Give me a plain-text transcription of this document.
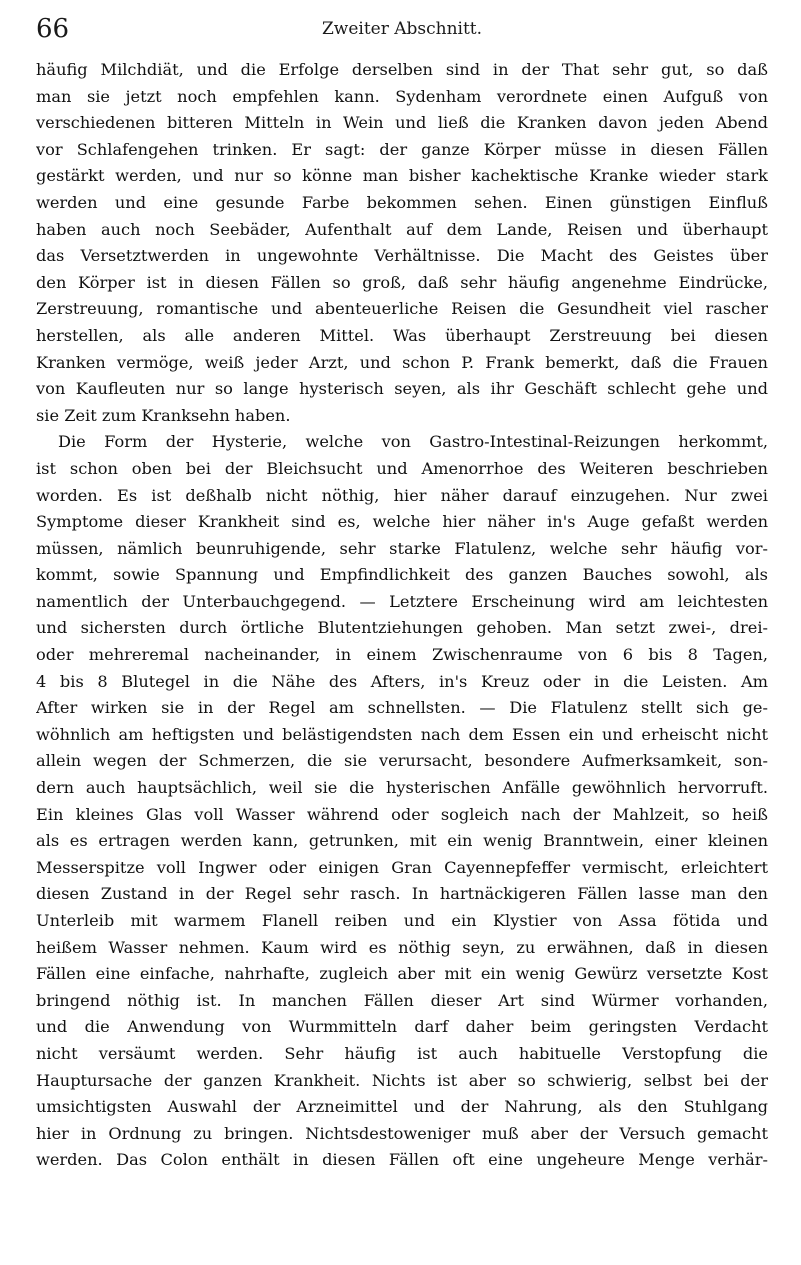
66	Zweiter Abschnitt.
häufig Milchdiät, und die Erfolge derselben sind in der That sehr gut, so daß
man sie jetzt noch empfehlen kann. Sydenham verordnete einen Aufguß von
verschiedenen bitteren Mitteln in Wein und ließ die Kranken davon jeden Abend
vor Schlafengehen trinken. Er sagt: der ganze Körper müsse in diesen Fällen
gestärkt werden, und nur so könne man bisher kachektische Kranke wieder stark
werden und eine gesunde Farbe bekommen sehen. Einen günstigen Einfluß
haben auch noch Seebäder, Aufenthalt auf dem Lande, Reisen und überhaupt
das Versetztwerden in ungewohnte Verhältnisse. Die Macht des Geistes über
den Körper ist in diesen Fällen so groß, daß sehr häufig angenehme Eindrücke,
Zerstreuung, romantische und abenteuerliche Reisen die Gesundheit viel rascher
herstellen, als alle anderen Mittel. Was überhaupt Zerstreuung bei diesen
Kranken vermöge, weiß jeder Arzt, und schon P. Frank bemerkt, daß die Frauen
von Kaufleuten nur so lange hysterisch seyen, als ihr Geschäft schlecht gehe und
sie Zeit zum Kranksehn haben.
Die Form der Hysterie, welche von Gastro-Intestinal-Reizungen herkommt,
ist schon oben bei der Bleichsucht und Amenorrhoe des Weiteren beschrieben
worden. Es ist deßhalb nicht nöthig, hier näher darauf einzugehen. Nur zwei
Symptome dieser Krankheit sind es, welche hier näher in's Auge gefaßt werden
müssen, nämlich beunruhigende, sehr starke Flatulenz, welche sehr häufig vor-
kommt, sowie Spannung und Empfindlichkeit des ganzen Bauches sowohl, als
namentlich der Unterbauchgegend. — Letztere Erscheinung wird am leichtesten
und sichersten durch örtliche Blutentziehungen gehoben. Man setzt zwei-, drei-
oder mehreremal nacheinander, in einem Zwischenraume von 6 bis 8 Tagen,
4 bis 8 Blutegel in die Nähe des Afters, in's Kreuz oder in die Leisten. Am
After wirken sie in der Regel am schnellsten. — Die Flatulenz stellt sich ge-
wöhnlich am heftigsten und belästigendsten nach dem Essen ein und erheischt nicht
allein wegen der Schmerzen, die sie verursacht, besondere Aufmerksamkeit, son-
dern auch hauptsächlich, weil sie die hysterischen Anfälle gewöhnlich hervorruft.
Ein kleines Glas voll Wasser während oder sogleich nach der Mahlzeit, so heiß
als es ertragen werden kann, getrunken, mit ein wenig Branntwein, einer kleinen
Messerspitze voll Ingwer oder einigen Gran Cayennepfeffer vermischt, erleichtert
diesen Zustand in der Regel sehr rasch. In hartnäckigeren Fällen lasse man den
Unterleib mit warmem Flanell reiben und ein Klystier von Assa fötida und
heißem Wasser nehmen. Kaum wird es nöthig seyn, zu erwähnen, daß in diesen
Fällen eine einfache, nahrhafte, zugleich aber mit ein wenig Gewürz versetzte Kost
bringend nöthig ist. In manchen Fällen dieser Art sind Würmer vorhanden,
und die Anwendung von Wurmmitteln darf daher beim geringsten Verdacht
nicht versäumt werden. Sehr häufig ist auch habituelle Verstopfung die
Hauptursache der ganzen Krankheit. Nichts ist aber so schwierig, selbst bei der
umsichtigsten Auswahl der Arzneimittel und der Nahrung, als den Stuhlgang
hier in Ordnung zu bringen. Nichtsdestoweniger muß aber der Versuch gemacht
werden. Das Colon enthält in diesen Fällen oft eine ungeheure Menge verhär-
